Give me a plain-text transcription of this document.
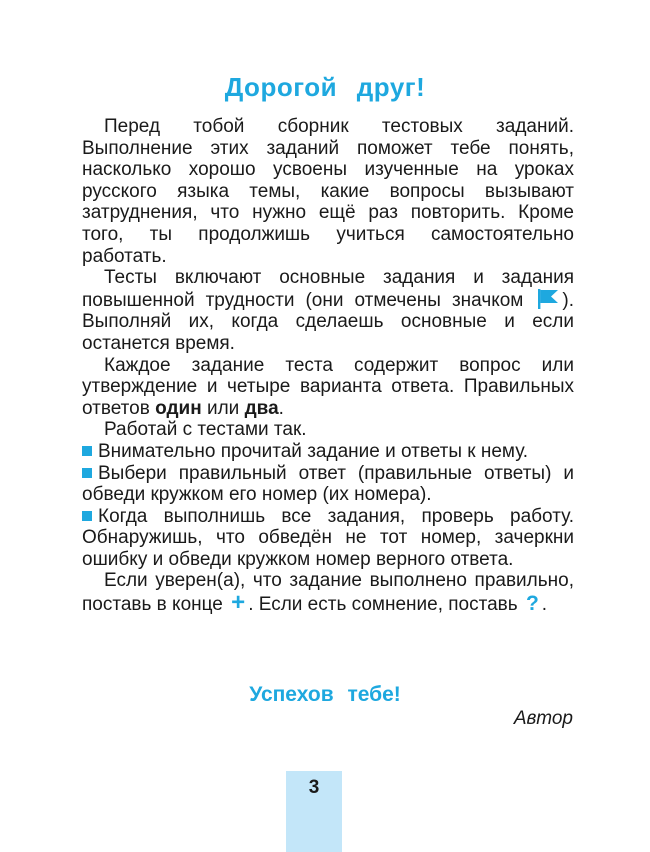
Дорогой друг!

Перед тобой сборник тестовых заданий. Выполнение этих заданий поможет тебе понять, насколько хорошо усвоены изученные на уроках русского языка темы, какие вопросы вызывают затруднения, что нужно ещё раз повторить. Кроме того, ты продолжишь учиться самостоятельно работать.

Тесты включают основные задания и задания повышенной трудности (они отмечены значком ). Выполняй их, когда сделаешь основные и если останется время.

Каждое задание теста содержит вопрос или утверждение и четыре варианта ответа. Правильных ответов один или два.

Работай с тестами так.

Внимательно прочитай задание и ответы к нему.

Выбери правильный ответ (правильные ответы) и обведи кружком его номер (их номера).

Когда выполнишь все задания, проверь работу. Обнаружишь, что обведён не тот номер, зачеркни ошибку и обведи кружком номер верного ответа.

Если уверен(а), что задание выполнено правильно, поставь в конце + . Если есть сомнение, поставь ? .

Успехов тебе!
Автор
3
